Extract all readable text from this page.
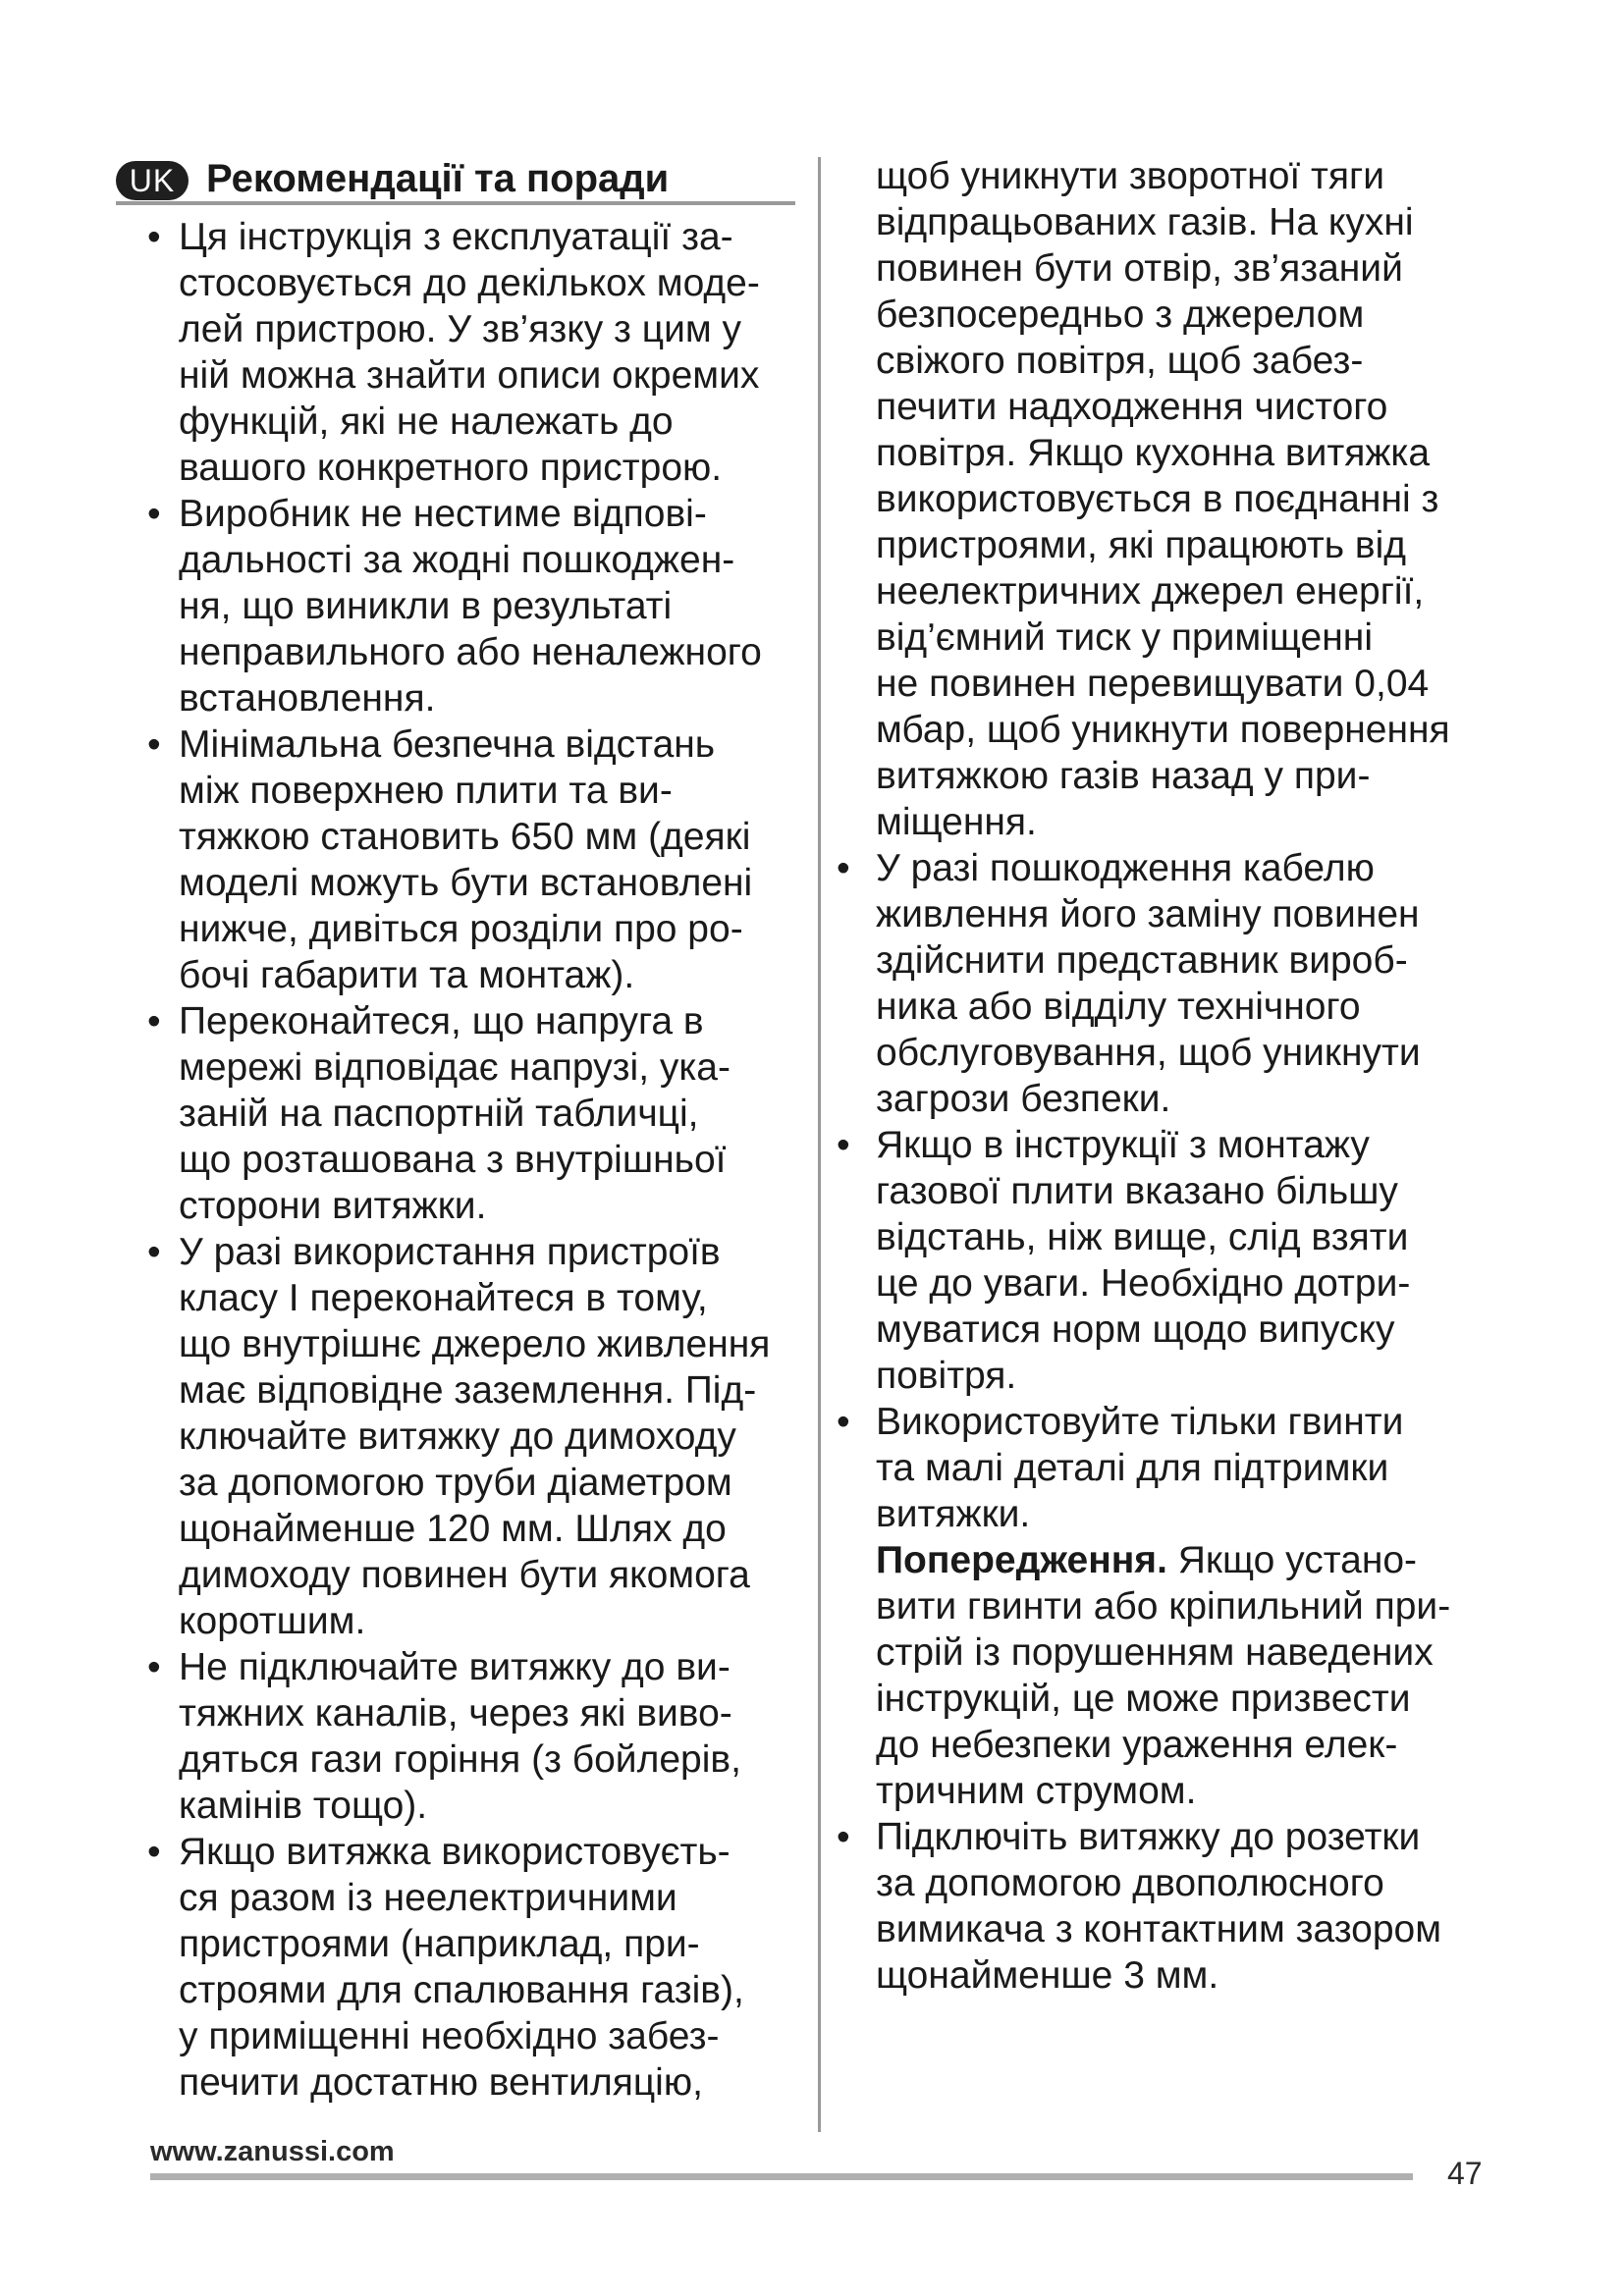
UK Рекомендації та поради
• Ця інструкція з експлуатації за-
стосовується до декількох моде-
лей пристрою. У зв’язку з цим у
ній можна знайти описи окремих
функцій, які не належать до
вашого конкретного пристрою.
• Виробник не нестиме відпові-
дальності за жодні пошкоджен-
ня, що виникли в результаті
неправильного або неналежного
встановлення.
• Мінімальна безпечна відстань
між поверхнею плити та ви-
тяжкою становить 650 мм (деякі
моделі можуть бути встановлені
нижче, дивіться розділи про ро-
бочі габарити та монтаж).
• Переконайтеся, що напруга в
мережі відповідає напрузі, ука-
заній на паспортній табличці,
що розташована з внутрішньої
сторони витяжки.
• У разі використання пристроїв
класу I переконайтеся в тому,
що внутрішнє джерело живлення
має відповідне заземлення. Під-
ключайте витяжку до димоходу
за допомогою труби діаметром
щонайменше 120 мм. Шлях до
димоходу повинен бути якомога
коротшим.
• Не підключайте витяжку до ви-
тяжних каналів, через які виво-
дяться гази горіння (з бойлерів,
камінів тощо).
• Якщо витяжка використовуєть-
ся разом із неелектричними
пристроями (наприклад, при-
строями для спалювання газів),
у приміщенні необхідно забез-
печити достатню вентиляцію,
щоб уникнути зворотної тяги
відпрацьованих газів. На кухні
повинен бути отвір, зв’язаний
безпосередньо з джерелом
свіжого повітря, щоб забез-
печити надходження чистого
повітря. Якщо кухонна витяжка
використовується в поєднанні з
пристроями, які працюють від
неелектричних джерел енергії,
від’ємний тиск у приміщенні
не повинен перевищувати 0,04
мбар, щоб уникнути повернення
витяжкою газів назад у при-
міщення.
• У разі пошкодження кабелю
живлення його заміну повинен
здійснити представник вироб-
ника або відділу технічного
обслуговування, щоб уникнути
загрози безпеки.
• Якщо в інструкції з монтажу
газової плити вказано більшу
відстань, ніж вище, слід взяти
це до уваги. Необхідно дотри-
муватися норм щодо випуску
повітря.
• Використовуйте тільки гвинти
та малі деталі для підтримки
витяжки.
Попередження. Якщо устано-
вити гвинти або кріпильний при-
стрій із порушенням наведених
інструкцій, це може призвести
до небезпеки ураження елек-
тричним струмом.
• Підключіть витяжку до розетки
за допомогою двополюсного
вимикача з контактним зазором
щонайменше 3 мм.
www.zanussi.com
47
